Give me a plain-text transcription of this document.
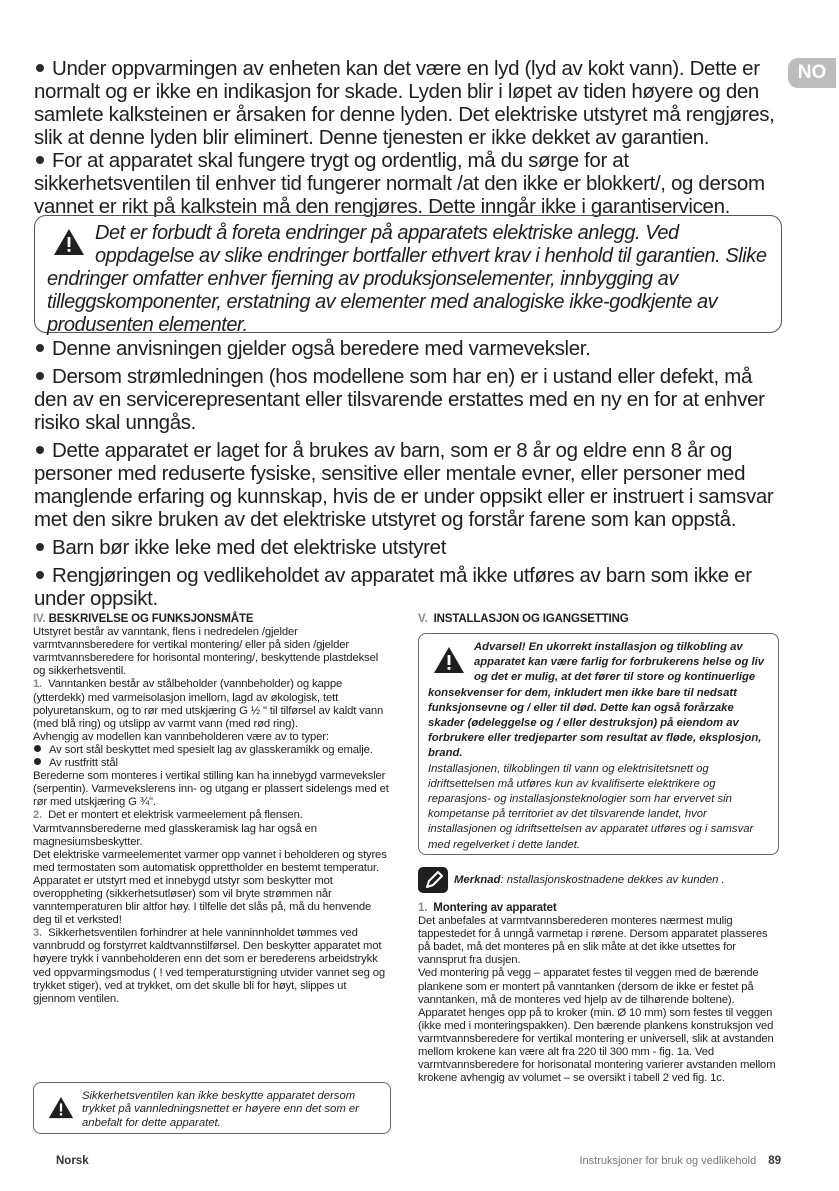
NO

Under oppvarmingen av enheten kan det være en lyd (lyd av kokt vann). Dette er normalt og er ikke en indikasjon for skade. Lyden blir i løpet av tiden høyere og den samlete kalksteinen er årsaken for denne lyden. Det elektriske utstyret må rengjøres, slik at denne lyden blir eliminert. Denne tjenesten er ikke dekket av garantien.

For at apparatet skal fungere trygt og ordentlig, må du sørge for at sikkerhetsventilen til enhver tid fungerer normalt /at den ikke er blokkert/, og dersom vannet er rikt på kalkstein må den rengjøres. Dette inngår ikke i garantiservicen.

Det er forbudt å foreta endringer på apparatets elektriske anlegg. Ved oppdagelse av slike endringer bortfaller ethvert krav i henhold til garantien. Slike endringer omfatter enhver fjerning av produksjonselementer, innbygging av tilleggskomponenter, erstatning av elementer med analogiske ikke-godkjente av produsenten elementer.

Denne anvisningen gjelder også beredere med varmeveksler.

Dersom strømledningen (hos modellene som har en) er i ustand eller defekt, må den av en servicerepresentant eller tilsvarende erstattes med en ny en for at enhver risiko skal unngås.

Dette apparatet er laget for å brukes av barn, som er 8 år og eldre enn 8 år og personer med reduserte fysiske, sensitive eller mentale evner, eller personer med manglende erfaring og kunnskap, hvis de er under oppsikt eller er instruert i samsvar met den sikre bruken av det elektriske utstyret og forstår farene som kan oppstå.

Barn bør ikke leke med det elektriske utstyret

Rengjøringen og vedlikeholdet av apparatet må ikke utføres av barn som ikke er under oppsikt.

IV. BESKRIVELSE OG FUNKSJONSMÅTE

Utstyret består av vanntank, flens i nedredelen /gjelder varmtvannsberedere for vertikal montering/ eller på siden /gjelder varmtvannsberedere for horisontal montering/, beskyttende plastdeksel og sikkerhetsventil.

1. Vanntanken består av stålbeholder (vannbeholder) og kappe (ytterdekk) med varmeisolasjon imellom, lagd av økologisk, tett polyuretanskum, og to rør med utskjæring G ½ " til tilførsel av kaldt vann (med blå ring) og utslipp av varmt vann (med rød ring).

Avhengig av modellen kan vannbeholderen være av to typer:

Av sort stål beskyttet med spesielt lag av glasskeramikk og emalje.

Av rustfritt stål

Berederne som monteres i vertikal stilling kan ha innebygd varmeveksler (serpentin). Varmevekslerens inn- og utgang er plassert sidelengs med et rør med utskjæring G ¾".

2. Det er montert et elektrisk varmeelement på flensen. Varmtvannsberederne med glasskeramisk lag har også en magnesiumsbeskytter.

Det elektriske varmeelementet varmer opp vannet i beholderen og styres med termostaten som automatisk opprettholder en bestemt temperatur.

Apparatet er utstyrt med et innebygd utstyr som beskytter mot overoppheting (sikkerhetsutløser) som vil bryte strømmen når vanntemperaturen blir altfor høy. I tilfelle det slås på, må du henvende deg til et verksted!

3. Sikkerhetsventilen forhindrer at hele vanninnholdet tømmes ved vannbrudd og forstyrret kaldtvannstilførsel. Den beskytter apparatet mot høyere trykk i vannbeholderen enn det som er berederens arbeidstrykk ved oppvarmingsmodus ( ! ved temperaturstigning utvider vannet seg og trykket stiger), ved at trykket, om det skulle bli for høyt, slippes ut gjennom ventilen.

Sikkerhetsventilen kan ikke beskytte apparatet dersom trykket på vannledningsnettet er høyere enn det som er anbefalt for dette apparatet.

V. INSTALLASJON OG IGANGSETTING

Advarsel! En ukorrekt installasjon og tilkobling av apparatet kan være farlig for forbrukerens helse og liv og det er mulig, at det fører til store og kontinuerlige konsekvenser for dem, inkludert men ikke bare til nedsatt funksjonsevne og / eller til død. Dette kan også forårzake skader (ødeleggelse og / eller destruksjon) på eiendom av forbrukere eller tredjeparter som resultat av fløde, eksplosjon, brand.
Installasjonen, tilkoblingen til vann og elektrisitetsnett og idriftsettelsen må utføres kun av kvalifiserte elektrikere og reparasjons- og installasjonsteknologier som har ervervet sin kompetanse på territoriet av det tilsvarende landet, hvor installasjonen og idriftsettelsen av apparatet utføres og i samsvar med regelverket i dette landet.
Merknad: nstallasjonskostnadene dekkes av kunden .

1. Montering av apparatet

Det anbefales at varmtvannsberederen monteres nærmest mulig tappestedet for å unngå varmetap i rørene. Dersom apparatet plasseres på badet, må det monteres på en slik måte at det ikke utsettes for vannsprut fra dusjen.

Ved montering på vegg – apparatet festes til veggen med de bærende plankene som er montert på vanntanken (dersom de ikke er festet på vanntanken, må de monteres ved hjelp av de tilhørende boltene). Apparatet henges opp på to kroker (min. Ø 10 mm) som festes til veggen (ikke med i monteringspakken). Den bærende plankens konstruksjon ved varmtvannsberedere for vertikal montering er universell, slik at avstanden mellom krokene kan være alt fra 220 til 300 mm - fig. 1a. Ved varmtvannsberedere for horisonatal montering varierer avstanden mellom krokene avhengig av volumet – se oversikt i tabell 2 ved fig. 1c.

Norsk	Instruksjoner for bruk og vedlikehold 89
